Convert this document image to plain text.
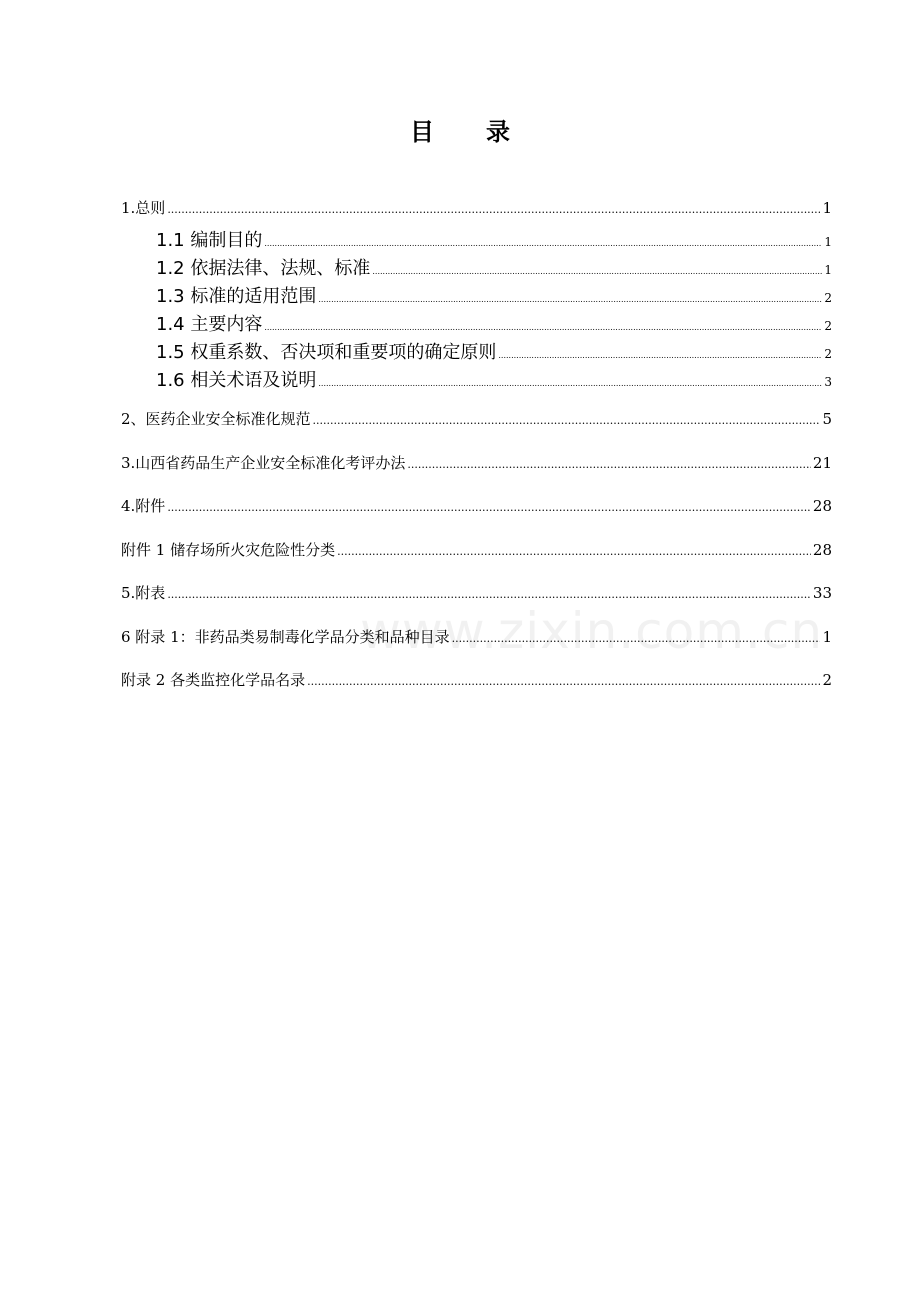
目录
www.zixin.com.cn
1.总则 .....	1
1.1 编制目的 .....	1
1.2 依据法律、法规、标准 .....	1
1.3 标准的适用范围 .....	2
1.4 主要内容 .....	2
1.5 权重系数、否决项和重要项的确定原则 .....	2
1.6 相关术语及说明 .....	3
2、医药企业安全标准化规范 .....	5
3.山西省药品生产企业安全标准化考评办法 .....	21
4.附件 .....	28
附件 1 储存场所火灾危险性分类 .....	28
5.附表 .....	33
6 附录 1：非药品类易制毒化学品分类和品种目录 .....	1
附录 2 各类监控化学品名录 .....	2
